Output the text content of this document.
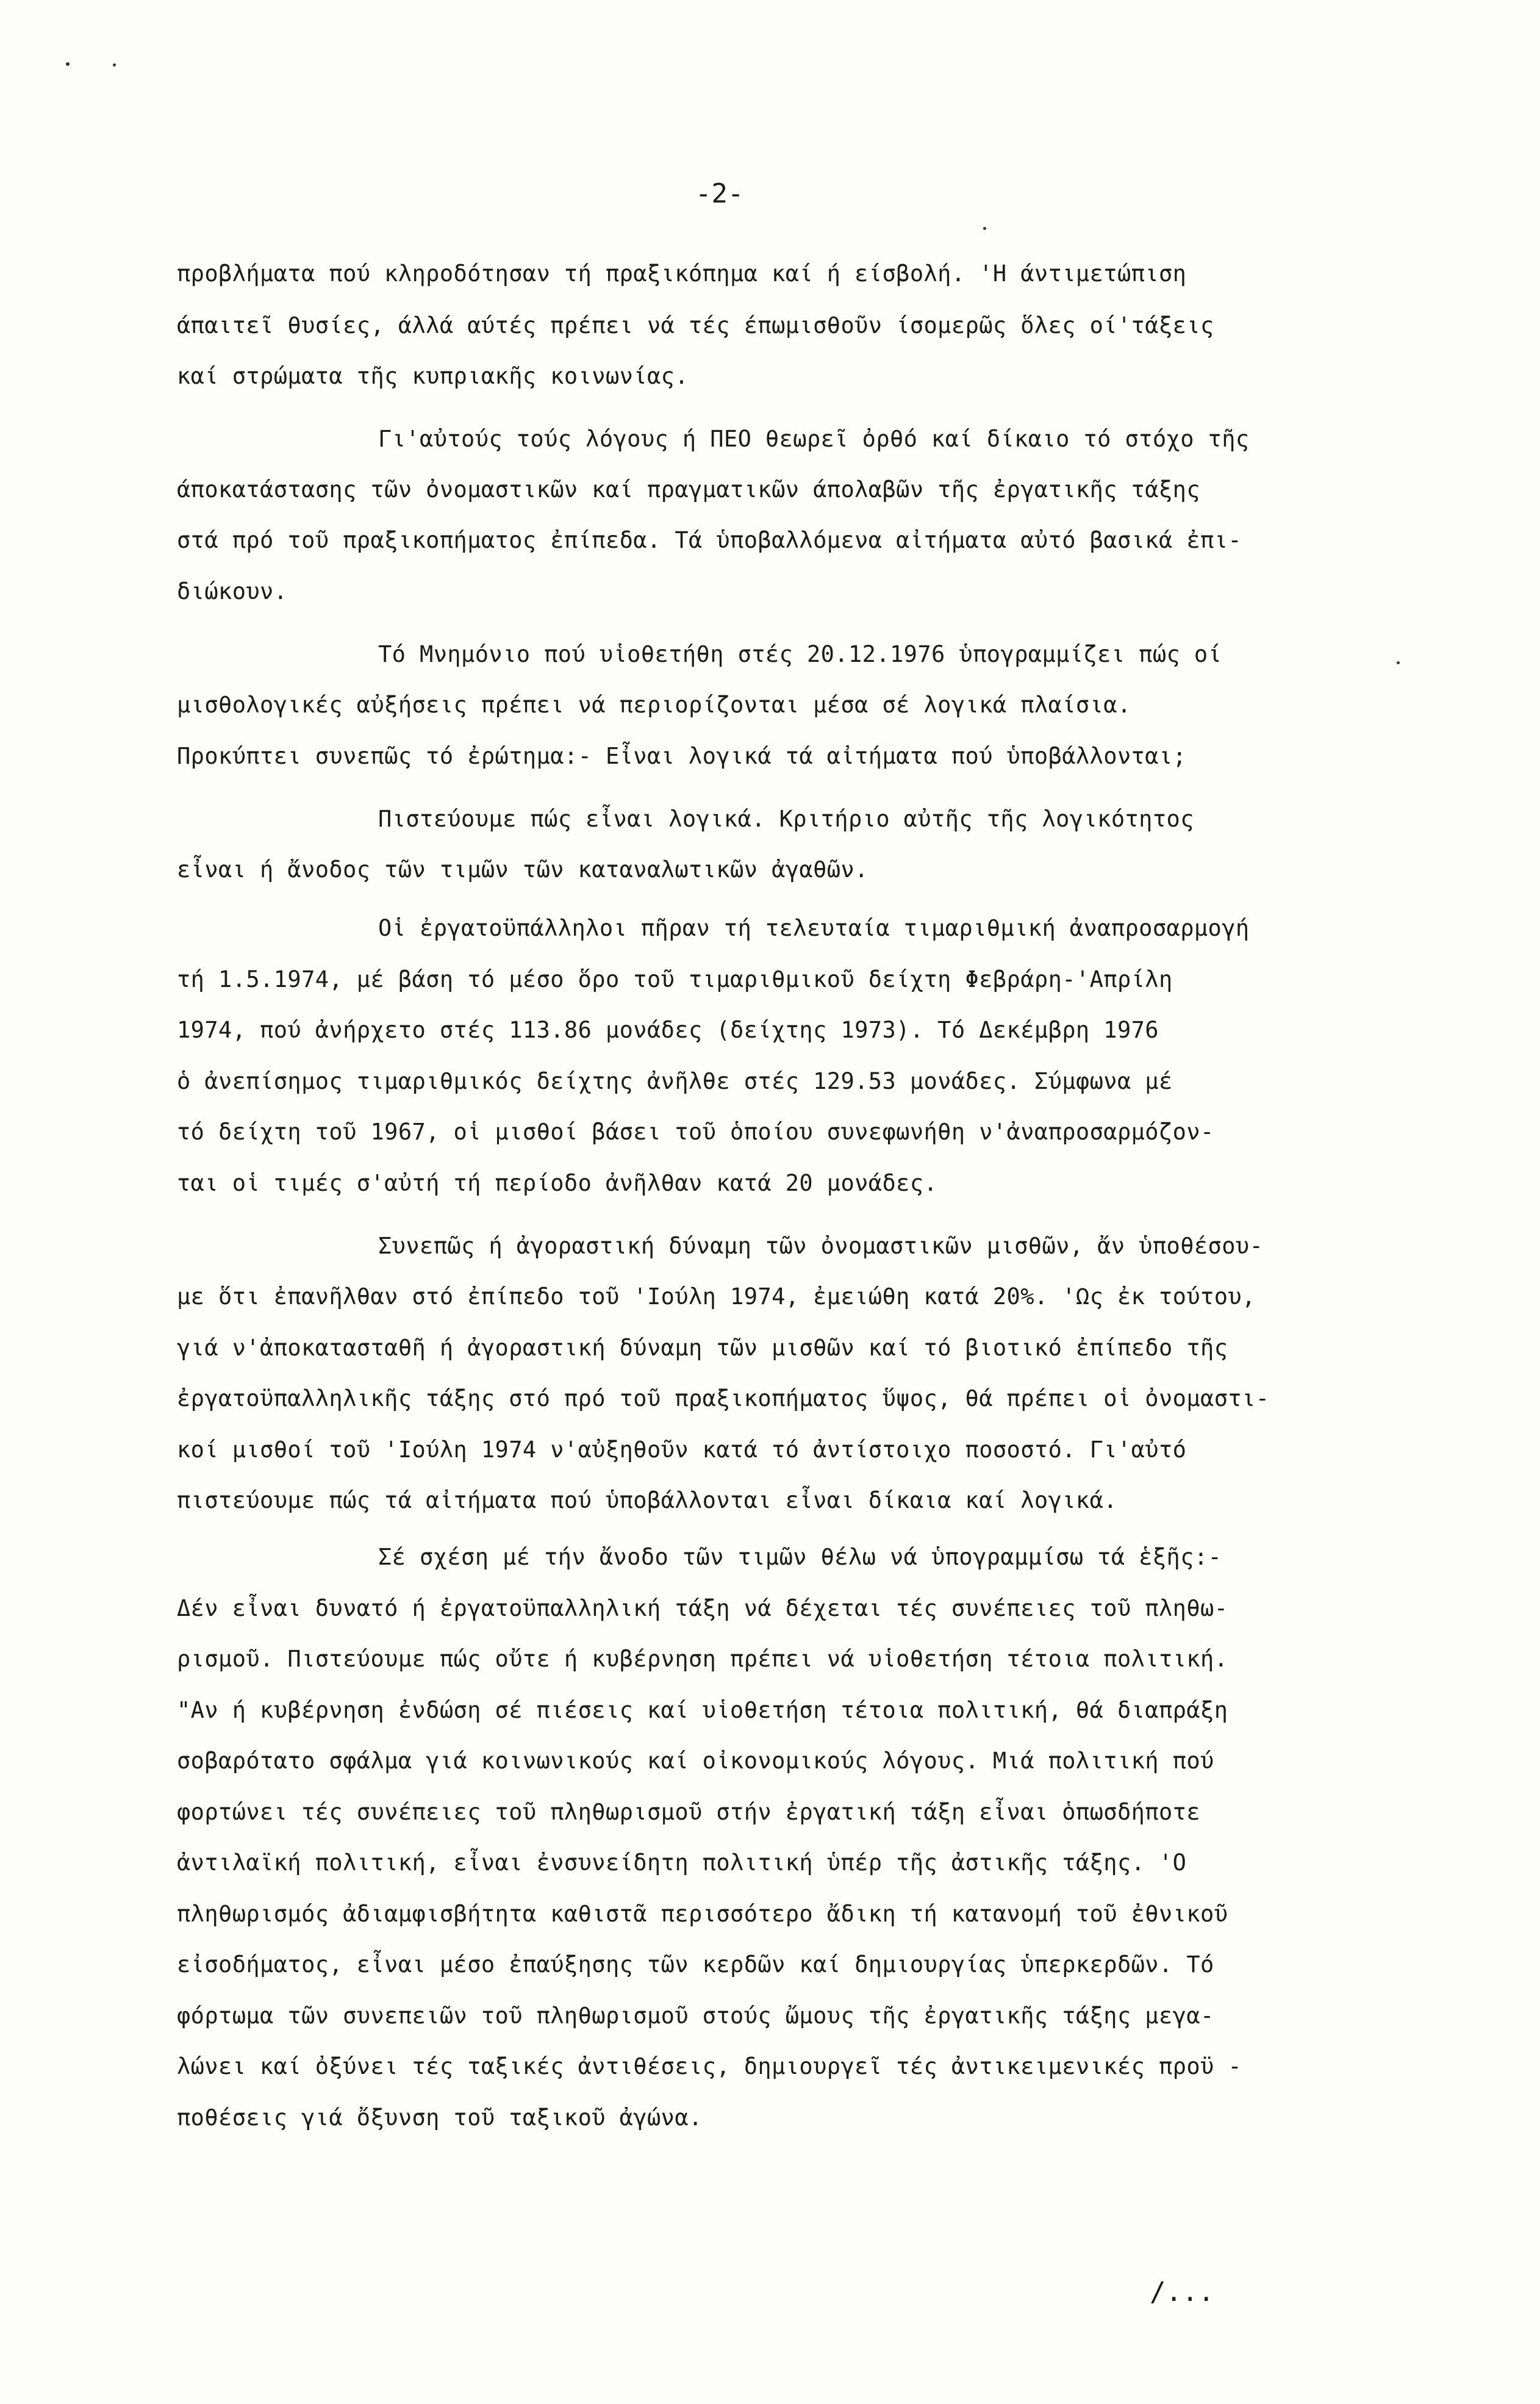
-2-

προβλήματα πού κληροδότησαν τή πραξικόπημα καί ή είσβολή. 'Η άντιμετώπιση

άπαιτεῖ θυσίες, άλλά αύτές πρέπει νά τές έπωμισθοῦν ίσομερῶς ὅλες οί'τάξεις

καί στρώματα τῆς κυπριακῆς κοινωνίας.

Γι'αὐτούς τούς λόγους ή ΠΕΟ θεωρεῖ ὀρθό καί δίκαιο τό στόχο τῆς

άποκατάστασης τῶν ὀνομαστικῶν καί πραγματικῶν άπολαβῶν τῆς ἐργατικῆς τάξης

στά πρό τοῦ πραξικοπήματος ἐπίπεδα. Τά ὑποβαλλόμενα αἰτήματα αὐτό βασικά ἐπι-

διώκουν.

Τό Μνημόνιο πού υἱοθετήθη στές 20.12.1976 ὑπογραμμίζει πώς οί

μισθολογικές αὐξήσεις πρέπει νά περιορίζονται μέσα σέ λογικά πλαίσια.

Προκύπτει συνεπῶς τό ἐρώτημα:- Εἶναι λογικά τά αἰτήματα πού ὑποβάλλονται;

Πιστεύουμε πώς εἶναι λογικά. Κριτήριο αὐτῆς τῆς λογικότητος

εἶναι ή ἄνοδος τῶν τιμῶν τῶν καταναλωτικῶν ἀγαθῶν.

Οἱ ἐργατοϋπάλληλοι πῆραν τή τελευταία τιμαριθμική ἀναπροσαρμογή

τή 1.5.1974, μέ βάση τό μέσο ὅρο τοῦ τιμαριθμικοῦ δείχτη Φεβράρη-'Απρίλη

1974, πού ἀνήρχετο στές 113.86 μονάδες (δείχτης 1973). Τό Δεκέμβρη 1976

ὁ ἀνεπίσημος τιμαριθμικός δείχτης ἀνῆλθε στές 129.53 μονάδες. Σύμφωνα μέ

τό δείχτη τοῦ 1967, οἱ μισθοί βάσει τοῦ ὁποίου συνεφωνήθη ν'ἀναπροσαρμόζον-

ται οἱ τιμές σ'αὐτή τή περίοδο ἀνῆλθαν κατά 20 μονάδες.

Συνεπῶς ή ἀγοραστική δύναμη τῶν ὀνομαστικῶν μισθῶν, ἄν ὑποθέσου-

με ὅτι ἐπανῆλθαν στό ἐπίπεδο τοῦ 'Ιούλη 1974, ἐμειώθη κατά 20%. 'Ως ἐκ τούτου,

γιά ν'ἀποκατασταθῆ ή ἀγοραστική δύναμη τῶν μισθῶν καί τό βιοτικό ἐπίπεδο τῆς

ἐργατοϋπαλληλικῆς τάξης στό πρό τοῦ πραξικοπήματος ὕψος, θά πρέπει οἱ ὀνομαστι-

κοί μισθοί τοῦ 'Ιούλη 1974 ν'αὐξηθοῦν κατά τό ἀντίστοιχο ποσοστό. Γι'αὐτό

πιστεύουμε πώς τά αἰτήματα πού ὑποβάλλονται εἶναι δίκαια καί λογικά.

Σέ σχέση μέ τήν ἄνοδο τῶν τιμῶν θέλω νά ὑπογραμμίσω τά ἑξῆς:-

Δέν εἶναι δυνατό ή ἐργατοϋπαλληλική τάξη νά δέχεται τές συνέπειες τοῦ πληθω-

ρισμοῦ. Πιστεύουμε πώς οὔτε ή κυβέρνηση πρέπει νά υἱοθετήση τέτοια πολιτική.

"Αν ή κυβέρνηση ἐνδώση σέ πιέσεις καί υἱοθετήση τέτοια πολιτική, θά διαπράξη

σοβαρότατο σφάλμα γιά κοινωνικούς καί οἰκονομικούς λόγους. Μιά πολιτική πού

φορτώνει τές συνέπειες τοῦ πληθωρισμοῦ στήν ἐργατική τάξη εἶναι ὁπωσδήποτε

ἀντιλαϊκή πολιτική, εἶναι ἐνσυνείδητη πολιτική ὑπέρ τῆς ἀστικῆς τάξης. 'Ο

πληθωρισμός ἀδιαμφισβήτητα καθιστᾶ περισσότερο ἄδικη τή κατανομή τοῦ ἐθνικοῦ

εἰσοδήματος, εἶναι μέσο ἐπαύξησης τῶν κερδῶν καί δημιουργίας ὑπερκερδῶν. Τό

φόρτωμα τῶν συνεπειῶν τοῦ πληθωρισμοῦ στούς ὤμους τῆς ἐργατικῆς τάξης μεγα-

λώνει καί ὀξύνει τές ταξικές ἀντιθέσεις, δημιουργεῖ τές ἀντικειμενικές προϋ -

ποθέσεις γιά ὄξυνση τοῦ ταξικοῦ ἀγώνα.

/...
